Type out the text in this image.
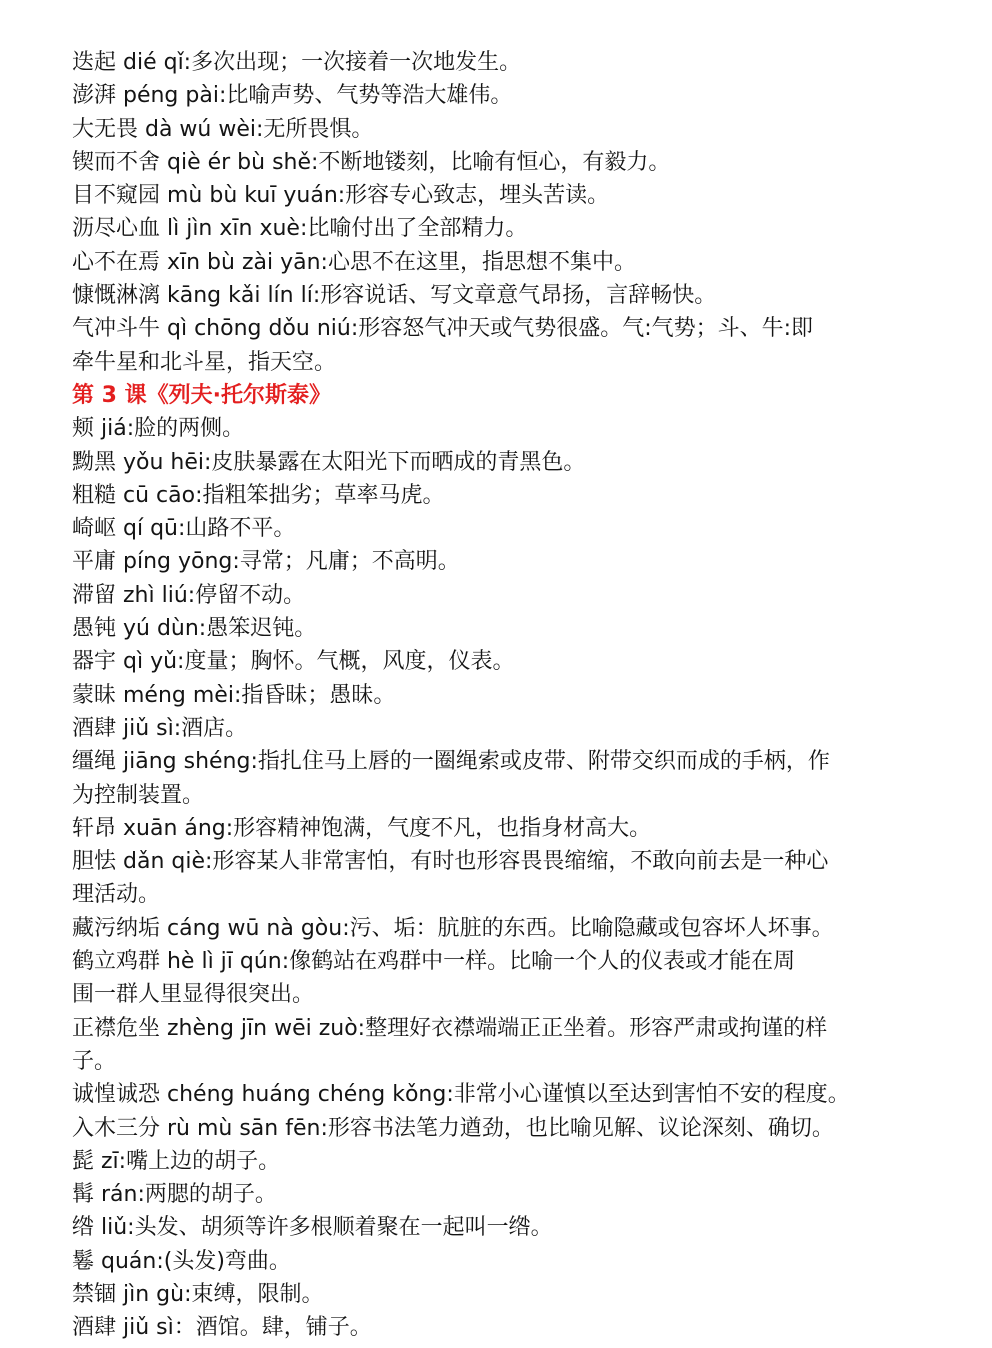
迭起 dié qǐ:多次出现；一次接着一次地发生。
澎湃 péng pài:比喻声势、气势等浩大雄伟。
大无畏 dà wú wèi:无所畏惧。
锲而不舍 qiè ér bù shě:不断地镂刻，比喻有恒心，有毅力。
目不窥园 mù bù kuī yuán:形容专心致志，埋头苦读。
沥尽心血 lì jìn xīn xuè:比喻付出了全部精力。
心不在焉 xīn bù zài yān:心思不在这里，指思想不集中。
慷慨淋漓 kāng kǎi lín lí:形容说话、写文章意气昂扬，言辞畅快。
气冲斗牛 qì chōng dǒu niú:形容怒气冲天或气势很盛。气:气势；斗、牛:即
牵牛星和北斗星，指天空。
第 3 课《列夫·托尔斯泰》
颊 jiá:脸的两侧。
黝黑 yǒu hēi:皮肤暴露在太阳光下而晒成的青黑色。
粗糙 cū cāo:指粗笨拙劣；草率马虎。
崎岖 qí qū:山路不平。
平庸 píng yōng:寻常；凡庸；不高明。
滞留 zhì liú:停留不动。
愚钝 yú dùn:愚笨迟钝。
器宇 qì yǔ:度量；胸怀。气概，风度，仪表。
蒙昧 méng mèi:指昏昧；愚昧。
酒肆 jiǔ sì:酒店。
缰绳 jiāng shéng:指扎住马上唇的一圈绳索或皮带、附带交织而成的手柄，作
为控制装置。
轩昂 xuān áng:形容精神饱满，气度不凡，也指身材高大。
胆怯 dǎn qiè:形容某人非常害怕，有时也形容畏畏缩缩，不敢向前去是一种心
理活动。
藏污纳垢 cáng wū nà gòu:污、垢：肮脏的东西。比喻隐藏或包容坏人坏事。
鹤立鸡群 hè lì jī qún:像鹤站在鸡群中一样。比喻一个人的仪表或才能在周
围一群人里显得很突出。
正襟危坐 zhèng jīn wēi zuò:整理好衣襟端端正正坐着。形容严肃或拘谨的样
子。
诚惶诚恐 chéng huáng chéng kǒng:非常小心谨慎以至达到害怕不安的程度。
入木三分 rù mù sān fēn:形容书法笔力遒劲，也比喻见解、议论深刻、确切。
髭 zī:嘴上边的胡子。
髯 rán:两腮的胡子。
绺 liǔ:头发、胡须等许多根顺着聚在一起叫一绺。
鬈 quán:(头发)弯曲。
禁锢 jìn gù:束缚，限制。
酒肆 jiǔ sì：酒馆。肆，铺子。
